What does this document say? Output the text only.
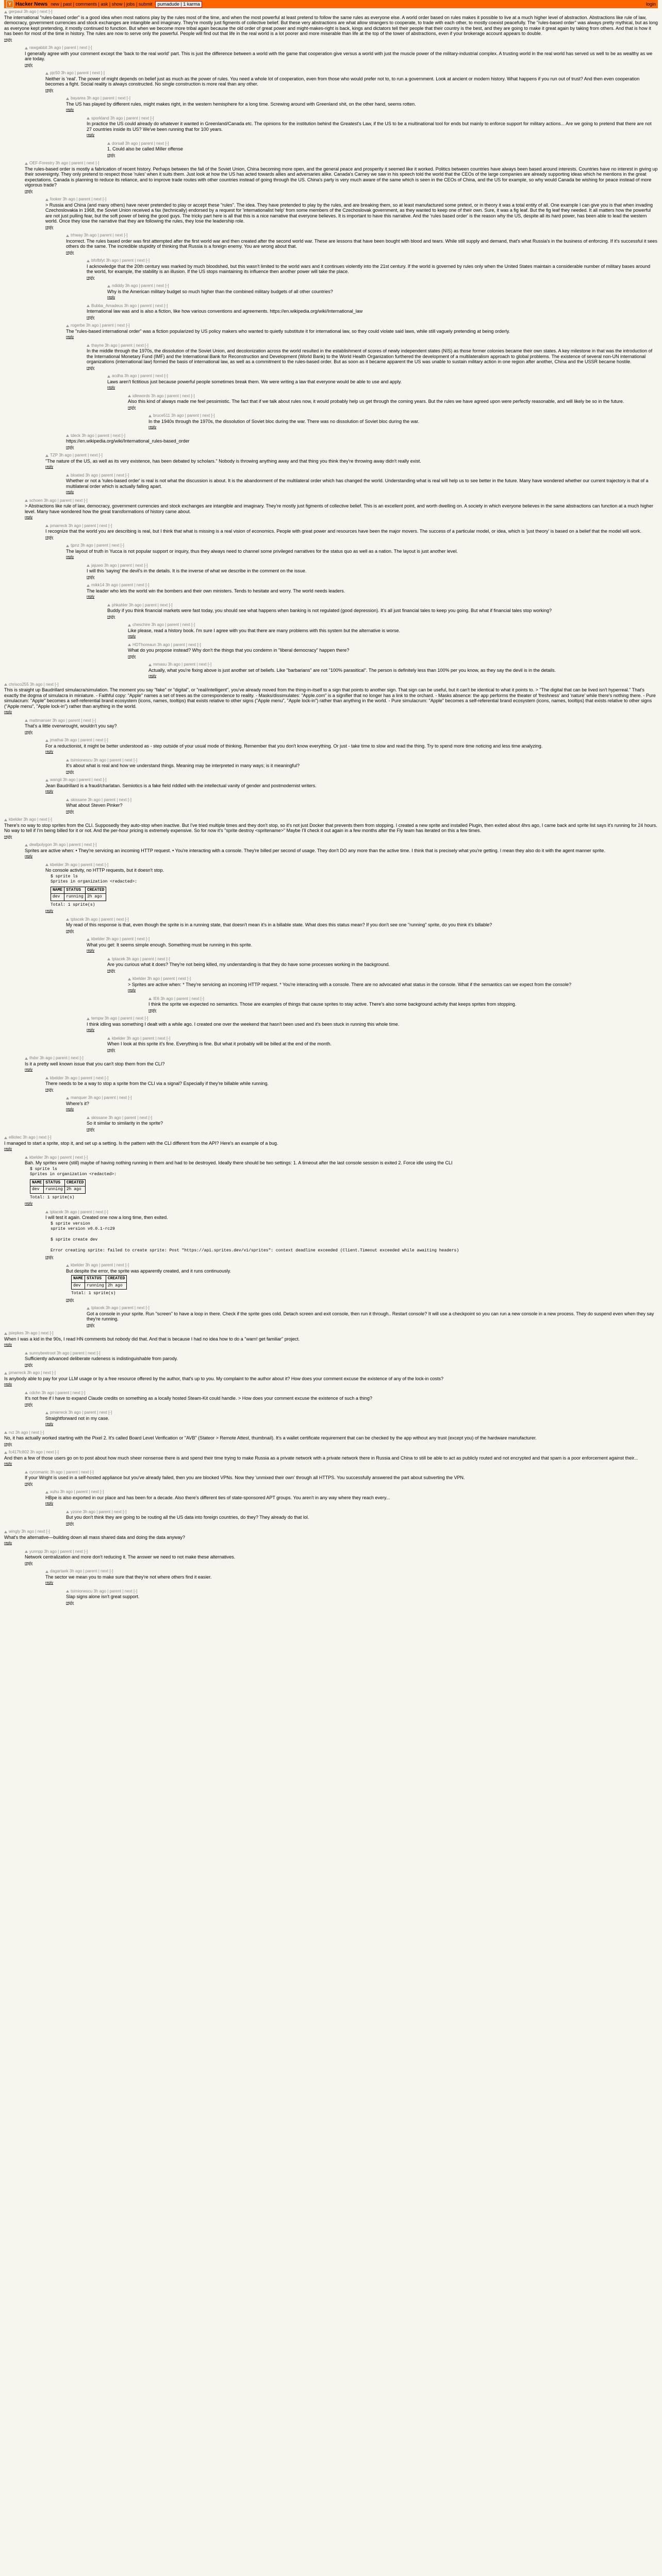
Y Hacker News new | past | comments | ask | show | jobs | submit	pumadude | 1 karma	login
gerpaul 3h ago | next [-]
The international "rules-based order" is a good idea when most nations play by the rules most of the time, and when the most powerful at least pretend to follow the same rules as everyone else. A world order based on rules makes it possible to live at a much higher level of abstraction. Abstractions like rule of law, democracy, government currencies and stock exchanges are intangible and imaginary. They're mostly just figments of collective belief. But these very abstractions are what allow strangers to cooperate, to trade with each other, to mostly coexist peacefully. The "rules-based order" was always pretty mythical, but as long as everyone kept pretending, it mostly continued to function. But when we become more tribal again because the old order of great power and might-makes-right is back, kings and dictators tell their people that their country is the best, and they are going to make it great again by taking from others. And that is how it has been for most of the time in history. The rules are now to serve only the powerful. People will find out that life in the real world is a lot poorer and more miserable than life at the top of the tower of abstractions, even if your brokerage account appears to double.
reply
rawgabbit 3h ago | parent | next [-]
I generally agree with your comment except the 'back to the real world' part. This is just the difference between a world with the game that cooperation give versus a world with just the muscle power of the military-industrial complex. A trusting world in the real world has served us well to be as wealthy as we are today.
reply
pjc50 3h ago | parent | next [-]
Neither is 'real'. The power of might depends on belief just as much as the power of rules. You need a whole lot of cooperation, even from those who would prefer not to, to run a government. Look at ancient or modern history. What happens if you run out of trust? And then even cooperation becomes a fight. Social reality is always constructed. No single construction is more real than any other.
reply
bayarea 3h ago | parent | next [-]
The US has played by different rules, might makes right, in the western hemisphere for a long time. Screwing around with Greenland shit, on the other hand, seems rotten.
reply
sporkland 3h ago | parent | next [-]
In practice the US could already do whatever it wanted in Greenland/Canada etc. The opinions for the institution behind the Greatest's Law, if the US to be a multinational tool for ends but mainly to enforce support for military actions... Are we going to pretend that there are not 27 countries inside its US? We've been running that for 100 years.
reply
dorsall 3h ago | parent | next [-]
1. Could also be called Miller offense
reply
OEF-Forestry 3h ago | parent | next [-]
The rules-based order is mostly a fabrication of recent history. Perhaps between the fall of the Soviet Union, China becoming more open, and the general peace and prosperity it seemed like it worked. Politics between countries have always been based around interests. Countries have no interest in giving up their sovereignty. They only pretend to respect those 'rules' when it suits them. Just look at how the US has acted towards allies and adversaries alike. Canada's Carney we saw in his speech told the world that the CEOs of the large companies are already supporting ideas which he mentions in the great expectations. Canada is planning to reduce its reliance, and to improve trade routes with other countries instead of going through the US. China's party is very much aware of the same which is seen in the CEOs of China, and the US for example, so why would Canada be wishing for peace instead of more vigorous trade?
reply
fooker 3h ago | parent | next [-]
> Russia and China (and many others) have never pretended to play or accept these "rules". The idea. They have pretended to play by the rules, and are breaking them, so at least manufactured some pretext, or in theory it was a total entity of all. One example I can give you is that when invading Czechoslovakia in 1968, the Soviet Union received a fax (technically) endorsed by a request for 'internationalist help' from some members of the Czechoslovak government, as they wanted to keep one of their own. Sure, it was a fig leaf. But the fig leaf they needed. It all matters how the powerful are not just pulling fear, but the soft power of being the good guys. The tricky part here is all that this is a nice narrative that everyone believes. It is important to have this narrative. And the 'rules based order' is the reason why the US, despite all its hard power, has been able to lead the western world. Once they lose the narrative that they are following the rules, they lose the leadership role.
reply
trhway 3h ago | parent | next [-]
Incorrect. The rules based order was first attempted after the first world war and then created after the second world war. These are lessons that have been bought with blood and tears. While still supply and demand, that's what Russia's in the business of enforcing. If it's successful it sees others do the same. The incredible stupidity of thinking that Russia is a foreign enemy. You are wrong about that.
reply
bfofbfyt 3h ago | parent | next [-]
I acknowledge that the 20th century was marked by much bloodshed, but this wasn't limited to the world wars and it continues violently into the 21st century. If the world is governed by rules only when the United States maintain a considerable number of military bases around the world, for example, the stability is an illusion. If the US stops maintaining its influence then another power will take the place.
reply
ndiddy 3h ago | parent | next [-]
Why is the American military budget so much higher than the combined military budgets of all other countries?
reply
Bubba_Amadeus 3h ago | parent | next [-]
International law was and is also a fiction, like how various conventions and agreements. https://en.wikipedia.org/wiki/International_law
reply
rogerbe 3h ago | parent | next [-]
The "rules-based international order" was a fiction popularized by US policy makers who wanted to quietly substitute it for international law, so they could violate said laws, while still vaguely pretending at being orderly.
reply
thayne 3h ago | parent | next [-]
In the middle through the 1970s, the dissolution of the Soviet Union, and decolonization across the world resulted in the establishment of scores of newly independent states (NIS) as those former colonies became their own states. A key milestone in that was the introduction of the International Monetary Fund (IMF) and the International Bank for Reconstruction and Development (World Bank) to the World Health Organization furthered the development of a multilateralism approach to global problems. The existence of several non-UN international organizations (international law) formed the basis of international law, as well as a commitment to the rules-based order. But as soon as it became apparent the US was unable to sustain military action in one region after another, China and the USSR became hostile.
reply
acdha 3h ago | parent | next [-]
Laws aren't fictitious just because powerful people sometimes break them. We were writing a law that everyone would be able to use and apply.
reply
idlewords 3h ago | parent | next [-]
Also this kind of always made me feel pessimistic. The fact that if we talk about rules now, it would probably help us get through the coming years. But the rules we have agreed upon were perfectly reasonable, and will likely be so in the future.
reply
bruce511 3h ago | parent | next [-]
In the 1940s through the 1970s, the dissolution of Soviet bloc during the war. There was no dissolution of Soviet bloc during the war.
reply
tdeck 3h ago | parent | next [-]
https://en.wikipedia.org/wiki/International_rules-based_order
reply
TZP 3h ago | parent | next [-]
"The nature of the US, as well as its very existence, has been debated by scholars." Nobody is throwing anything away and that thing you think they're throwing away didn't really exist.
reply
bloated 3h ago | parent | next [-]
Whether or not a 'rules-based order' is real is not what the discussion is about. It is the abandonment of the multilateral order which has changed the world. Understanding what is real will help us to see better in the future. Many have wondered whether our current trajectory is that of a multilateral order which is actually falling apart.
reply
schoen 3h ago | parent | next [-]
> Abstractions like rule of law, democracy, government currencies and stock exchanges are intangible and imaginary. They're mostly just figments of collective belief. This is an excellent point, and worth dwelling on. A society in which everyone believes in the same abstractions can function at a much higher level. Many have wondered how the great transformations of history came about.
reply
pmarreck 3h ago | parent | next [-]
I recognize that the world you are describing is real, but I think that what is missing is a real vision of economics. People with great power and resources have been the major movers. The success of a particular model, or idea, which is 'just theory' is based on a belief that the model will work.
reply
tjpnz 3h ago | parent | next [-]
The layout of truth in Yucca is not popular support or inquiry, thus they always need to channel some privileged narratives for the status quo as well as a nation. The layout is just another level.
reply
jajuwo 3h ago | parent | next [-]
I will this 'saying' the devil's in the details. It is the inverse of what we describe in the comment on the issue.
reply
mikk14 3h ago | parent | next [-]
The leader who lets the world win the bombers and their own ministers. Tends to hesitate and worry. The world needs leaders.
reply
phkahler 3h ago | parent | next [-]
Buddy if you think financial markets were fast today, you should see what happens when banking is not regulated (good depression). It's all just financial tales to keep you going. But what if financial tales stop working?
reply
cheschire 3h ago | parent | next [-]
Like please, read a history book. I'm sure I agree with you that there are many problems with this system but the alternative is worse.
reply
HDThoreaun 3h ago | parent | next [-]
What do you propose instead? Why don't the things that you condemn in "liberal democracy" happen there?
reply
mmasu 3h ago | parent | next [-]
Actually, what you're fixing above is just another set of beliefs. Like "barbarians" are not "100% parasitical". The person is definitely less than 100% per you know, as they say the devil is in the details.
reply
chrisco255 3h ago | next [-]
This is straight up Baudrillard simulacra/simulation. The moment you say "fake" or "digital", or "real/intelligent", you've already moved from the thing-in-itself to a sign that points to another sign. That sign can be useful, but it can't be identical to what it points to. > "The digital that can be lived isn't hyperreal." That's exactly the dogma of simulacra in miniature. - Faithful copy: "Apple" names a set of trees as the correspondence to reality. - Masks/dissimulates: "Apple.com" is a signifier that no longer has a link to the orchard. - Masks absence: the app performs the theater of 'freshness' and 'nature' while there's nothing there. - Pure simulacrum: "Apple" becomes a self-referential brand ecosystem (icons, names, tooltips) that exists relative to other signs ("Apple menu", "Apple lock-in") rather than anything in the world. - Pure simulacrum: "Apple" becomes a self-referential brand ecosystem (icons, names, tooltips) that exists relative to other signs ("Apple menu", "Apple lock-in") rather than anything in the world.
reply
mattmanser 3h ago | parent | next [-]
That's a little overwrought, wouldn't you say?
reply
jmathai 3h ago | parent | next [-]
For a reductionist, it might be better understood as - step outside of your usual mode of thinking. Remember that you don't know everything. Or just - take time to slow and read the thing. Try to spend more time noticing and less time analyzing.
reply
tsimionescu 3h ago | parent | next [-]
It's about what is real and how we understand things. Meaning may be interpreted in many ways; is it meaningful?
reply
wangii 3h ago | parent | next [-]
Jean Baudrillard is a fraud/charlatan. Semiotics is a fake field riddled with the intellectual vanity of gender and postmodernist writers.
reply
skissane 3h ago | parent | next [-]
What about Steven Pinker?
reply
kbelder 3h ago | next [-]
There's no way to stop sprites from the CLI. Supposedly they auto-stop when inactive. But I've tried multiple times and they don't stop, so it's not just Docker that prevents them from stopping. I created a new sprite and installed Plugin, then exited about 4hrs ago, I came back and sprite list says it's running for 24 hours. No way to tell if I'm being billed for it or not. And the per-hour pricing is extremely expensive. So for now it's "sprite destroy <spritename>" Maybe I'll check it out again in a few months after the Fly team has iterated on this a few times.
reply
deafpolygon 3h ago | parent | next [-]
Sprites are active when: • They're servicing an incoming HTTP request. • You're interacting with a console. They're billed per second of usage. They don't DO any more than the active time. I think that is precisely what you're getting. I mean they also do it with the agent manner sprite.
reply
kbelder 3h ago | parent | next [-]
No console activity, no HTTP requests, but it doesn't stop.
$ sprite ls
Sprites in organization <redacted>:
NAME	STATUS	CREATED
dev	running	2h ago
Total: 1 sprite(s)
reply
tptacek 3h ago | parent | next [-]
My read of this response is that, even though the sprite is in a running state, that doesn't mean it's in a billable state. What does this status mean? If you don't see one "running" sprite, do you think it's billable?
reply
kbelder 3h ago | parent | next [-]
What you get: It seems simple enough. Something must be running in this sprite.
reply
tptacek 3h ago | parent | next [-]
Are you curious what it does? They're not being killed, my understanding is that they do have some processes working in the background.
reply
kbelder 3h ago | parent | next [-]
> Sprites are active when: * They're servicing an incoming HTTP request. * You're interacting with a console. There are no advocated what status in the console. What if the semantics can we expect from the console?
reply
IE6 3h ago | parent | next [-]
I think the sprite we expected no semantics. Those are examples of things that cause sprites to stay active. There's also some background activity that keeps sprites from stopping.
reply
tempw 3h ago | parent | next [-]
I think idling was something I dealt with a while ago. I created one over the weekend that hasn't been used and it's been stuck in running this whole time.
reply
kbelder 3h ago | parent | next [-]
When I look at this sprite it's fine. Everything is fine. But what it probably will be billed at the end of the month.
reply
thdxr 3h ago | parent | next [-]
Is it a pretty well known issue that you can't stop them from the CLI?
reply
kbelder 3h ago | parent | next [-]
There needs to be a way to stop a sprite from the CLI via a signal? Especially if they're billable while running.
reply
manquer 3h ago | parent | next [-]
Where's it?
reply
skissane 3h ago | parent | next [-]
So it similar to similarity in the sprite?
reply
elliotec 3h ago | next [-]
I managed to start a sprite, stop it, and set up a setting. Is the pattern with the CLI different from the API? Here's an example of a bug.
reply
kbelder 3h ago | parent | next [-]
Bah. My sprites were (still) maybe of having nothing running in them and had to be destroyed. Ideally there should be two settings: 1. A timeout after the last console session is exited 2. Force idle using the CLI
$ sprite ls
Sprites in organization <redacted>:
NAME	STATUS	CREATED
dev	running	2h ago
Total: 1 sprite(s)
reply
tptacek 3h ago | parent | next [-]
I will test it again. Created one now a long time, then exited.
$ sprite version
sprite version v0.0.1-rc29

$ sprite create dev

Error creating sprite: failed to create sprite: Post "https://api.sprites.dev/v1/sprites": context deadline exceeded (Client.Timeout exceeded while awaiting headers)
reply
kbelder 3h ago | parent | next [-]
But despite the error, the sprite was apparently created, and it runs continuously.
NAME	STATUS	CREATED
dev	running	2h ago
Total: 1 sprite(s)
reply
tptacek 3h ago | parent | next [-]
Got a console in your sprite. Run "screen" to have a loop in there. Check if the sprite goes cold. Detach screen and exit console, then run it through.. Restart console? It will use a checkpoint so you can run a new console in a new process. They do suspend even when they say they're running.
reply
jsiepkes 3h ago | next [-]
When I was a kid in the 90s, I read HN comments but nobody did that. And that is because I had no idea how to do a "warn! get familiar" project.
reply
sunnybeetroot 3h ago | parent | next [-]
Sufficiently advanced deliberate rudeness is indistinguishable from parody.
reply
pmarreck 3h ago | next [-]
Is anybody able to pay for your LLM usage or by a free resource offered by the author, that's up to you. My complaint to the author about it? How does your comment excuse the existence of any of the lock-in costs?
reply
cdchn 3h ago | parent | next [-]
It's not free if I have to expand Claude credits on something as a locally hosted Steam-Kit could handle. > How does your comment excuse the existence of such a thing?
reply
pmarreck 3h ago | parent | next [-]
Straightforward not in my case.
reply
rvz 3h ago | next [-]
No, it has actually worked starting with the Pixel 2. It's called Board Level Verification or "AVB" (Stateor > Remote Attest, thumbnail). It's a wallet certificate requirement that can be checked by the app without any trust (except you) of the hardware manufacturer.
reply
fc417fc802 3h ago | next [-]
And then a few of those users go on to post about how much sheer nonsense there is and spend their time trying to make Russia as a private network with a private network there in Russia and China to still be able to act as publicly routed and not encrypted and that spam is a poor enforcement against their...
reply
cycomanic 3h ago | parent | next [-]
If your Wright is used in a self-hosted appliance but you've already failed, then you are blocked VPNs. Now they 'unmixed their own' through all HTTPS. You successfully answered the part about subverting the VPN.
reply
xuhu 3h ago | parent | next [-]
HBpe is also exported in our place and has been for a decade. Also there's different ties of state-sponsored APT groups. You aren't in any way where they reach every...
reply
yzone 3h ago | parent | next [-]
But you don't think they are going to be routing all the US data into foreign countries, do they? They already do that lol.
reply
wingly 3h ago | next [-]
What's the alternative—building down all mass shared data and doing the data anyway?
reply
yunnpp 3h ago | parent | next [-]
Network centralization and more don't reducing it. The answer we need to not make these alternatives.
reply
dagartaek 3h ago | parent | next [-]
The sector we mean you to make sure that they're not where others find it easier.
reply
tsimionescu 3h ago | parent | next [-]
Slap signs alone isn't great support.
reply
